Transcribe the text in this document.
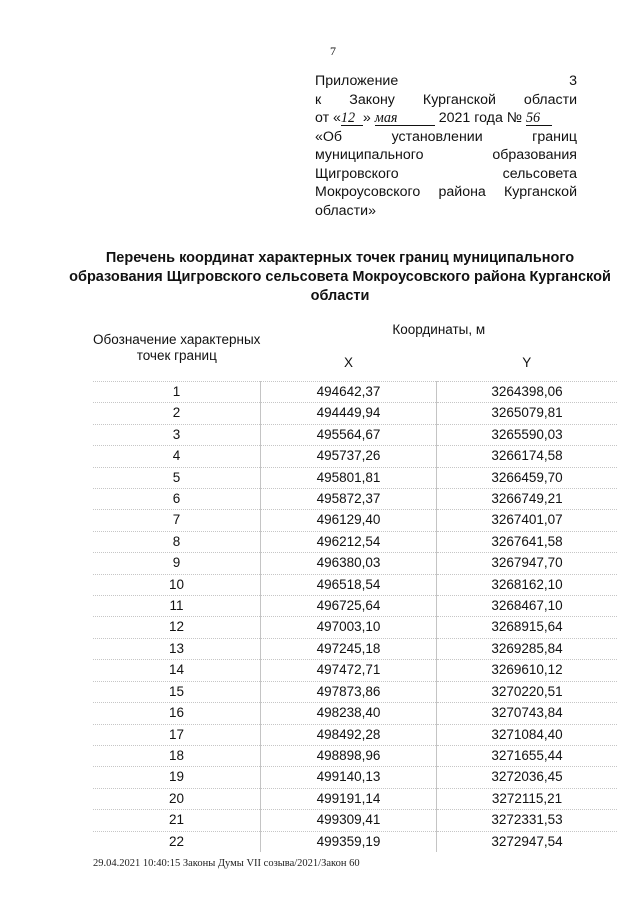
7
Приложение 3
к Закону Курганской области
от «12 » мая	2021 года № 56
«Об установлении границ
муниципального образования
Щигровского сельсовета
Мокроусовского района Курганской
области»
Перечень координат характерных точек границ муниципального образования Щигровского сельсовета Мокроусовского района Курганской области
Обозначение характерных точек границ	Координаты, м	
	X	Y
1	494642,37	3264398,06
2	494449,94	3265079,81
3	495564,67	3265590,03
4	495737,26	3266174,58
5	495801,81	3266459,70
6	495872,37	3266749,21
7	496129,40	3267401,07
8	496212,54	3267641,58
9	496380,03	3267947,70
10	496518,54	3268162,10
11	496725,64	3268467,10
12	497003,10	3268915,64
13	497245,18	3269285,84
14	497472,71	3269610,12
15	497873,86	3270220,51
16	498238,40	3270743,84
17	498492,28	3271084,40
18	498898,96	3271655,44
19	499140,13	3272036,45
20	499191,14	3272115,21
21	499309,41	3272331,53
22	499359,19	3272947,54
29.04.2021 10:40:15 Законы Думы VII созыва/2021/Закон 60
